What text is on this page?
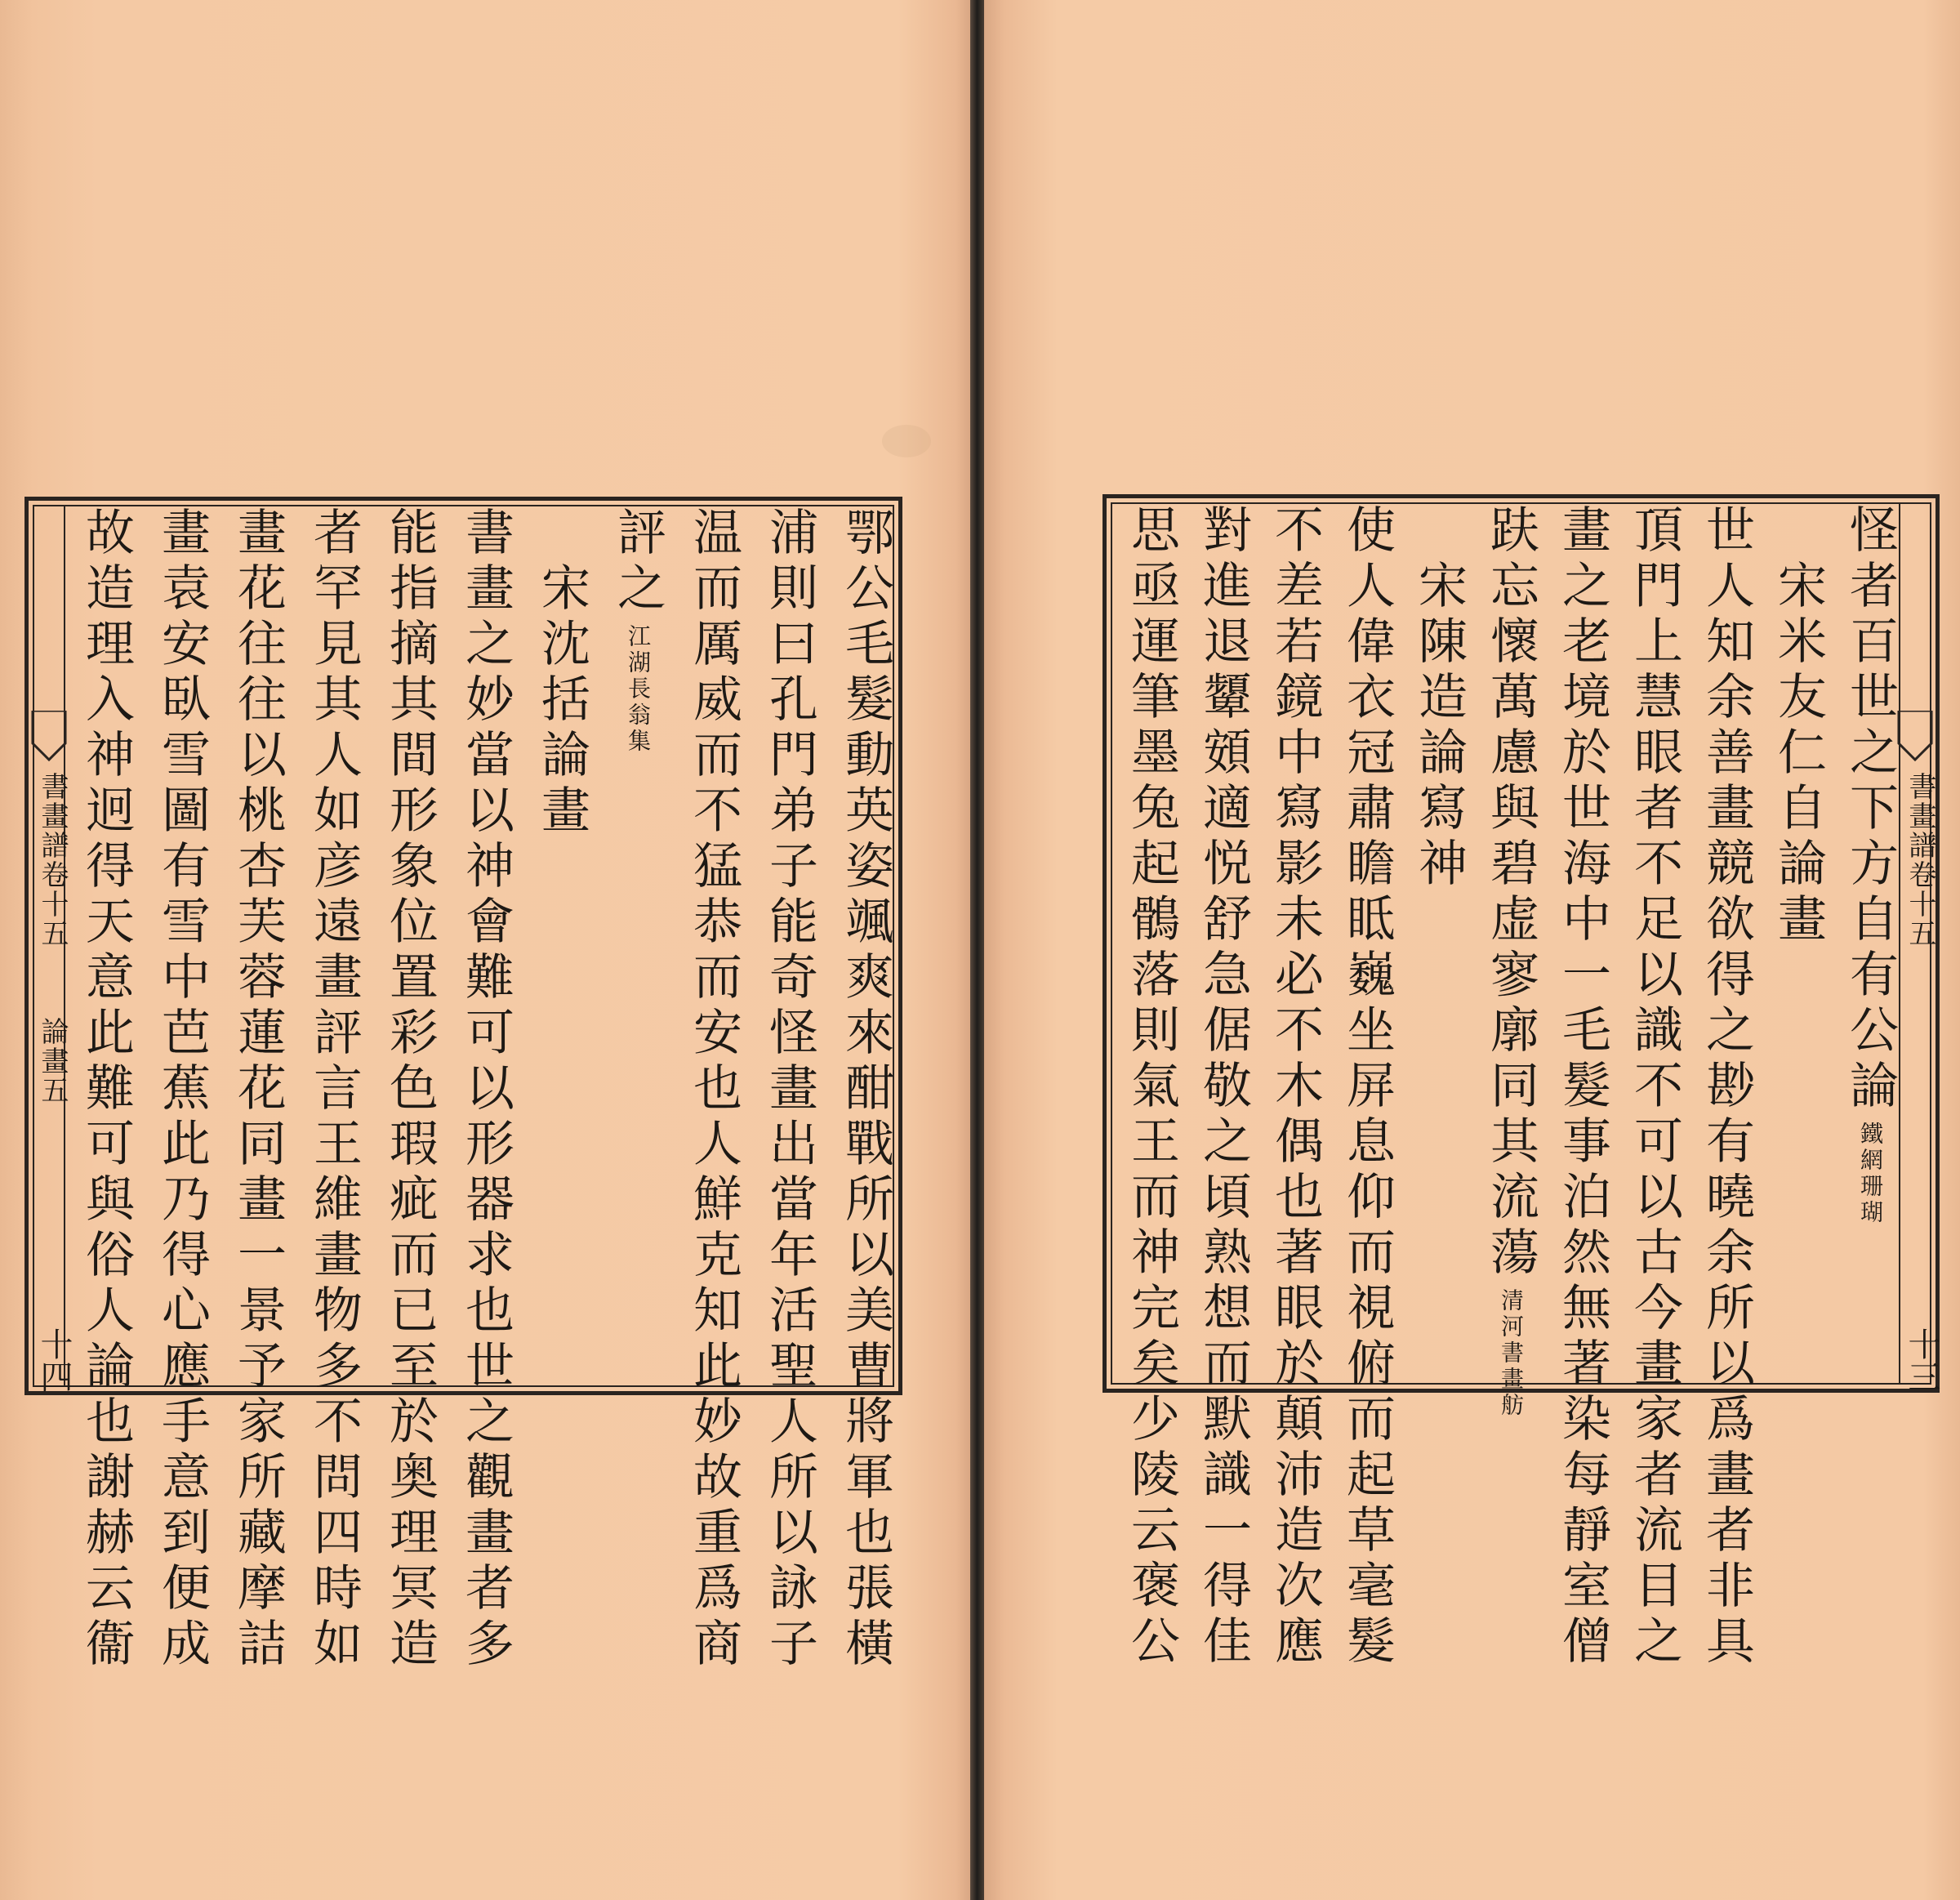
書畫譜卷十五
論畫五
十四	鄂公毛髮動英姿颯爽來酣戰所以美曹將軍也張橫
浦則曰孔門弟子能奇怪畫出當年活聖人所以詠子
温而厲威而不猛恭而安也人鮮克知此妙故重爲商
評之江湖長翁集
　宋沈括論畫
書畫之妙當以神會難可以形器求也世之觀畫者多
能指摘其間形象位置彩色瑕疵而已至於奥理冥造
者罕見其人如彦遠畫評言王維畫物多不問四時如
畫花往往以桃杏芙蓉蓮花同畫一景予家所藏摩詰
畫袁安臥雪圖有雪中芭蕉此乃得心應手意到便成
故造理入神迥得天意此難可與俗人論也謝赫云衞	書畫譜卷十五
十三
怪者百世之下方自有公論鐵網珊瑚
　宋米友仁自論畫
世人知余善畫競欲得之尠有曉余所以爲畫者非具
頂門上慧眼者不足以識不可以古今畫家者流目之
畫之老境於世海中一毛髮事泊然無著染每靜室僧
趺忘懷萬慮與碧虚寥廓同其流蕩清河書畫舫
　宋陳造論寫神
使人偉衣冠肅瞻眡巍坐屏息仰而視俯而起草毫髮
不差若鏡中寫影未必不木偶也著眼於顛沛造次應
對進退顰頞適悦舒急倨敬之頃熟想而默識一得佳
思亟運筆墨兔起鶻落則氣王而神完矣少陵云褒公
